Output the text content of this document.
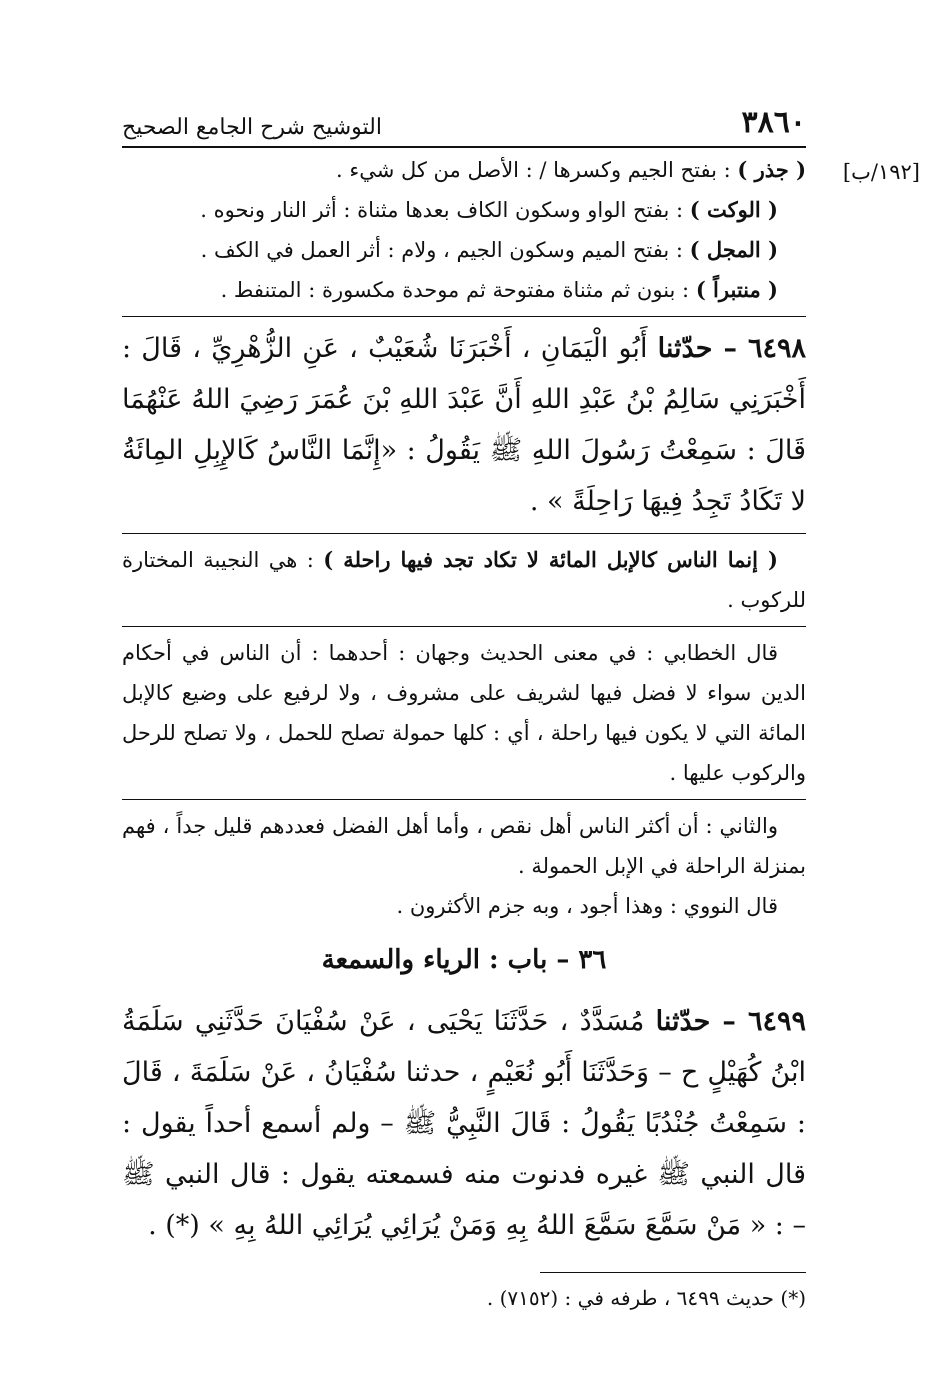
٣٨٦٠
التوشيح شرح الجامع الصحيح
[١٩٢/ب]
( جذر ) : بفتح الجيم وكسرها / : الأصل من كل شيء .
( الوكت ) : بفتح الواو وسكون الكاف بعدها مثناة : أثر النار ونحوه .
( المجل ) : بفتح الميم وسكون الجيم ، ولام : أثر العمل في الكف .
( منتبراً ) : بنون ثم مثناة مفتوحة ثم موحدة مكسورة : المتنفط .
٦٤٩٨ – حدّثنا أَبُو الْيَمَانِ ، أَخْبَرَنَا شُعَيْبٌ ، عَنِ الزُّهْرِيِّ ، قَالَ : أَخْبَرَنِي سَالِمُ بْنُ عَبْدِ اللهِ أَنَّ عَبْدَ اللهِ بْنَ عُمَرَ رَضِيَ اللهُ عَنْهُمَا قَالَ : سَمِعْتُ رَسُولَ اللهِ ﷺ يَقُولُ : «إِنَّمَا النَّاسُ كَالإِبِلِ المِائَةُ لا تَكَادُ تَجِدُ فِيهَا رَاحِلَةً » .
( إنما الناس كالإبل المائة لا تكاد تجد فيها راحلة ) : هي النجيبة المختارة للركوب .
قال الخطابي : في معنى الحديث وجهان : أحدهما : أن الناس في أحكام الدين سواء لا فضل فيها لشريف على مشروف ، ولا لرفيع على وضيع كالإبل المائة التي لا يكون فيها راحلة ، أي : كلها حمولة تصلح للحمل ، ولا تصلح للرحل والركوب عليها .
والثاني : أن أكثر الناس أهل نقص ، وأما أهل الفضل فعددهم قليل جداً ، فهم بمنزلة الراحلة في الإبل الحمولة .
قال النووي : وهذا أجود ، وبه جزم الأكثرون .
٣٦ – باب : الرياء والسمعة
٦٤٩٩ – حدّثنا مُسَدَّدٌ ، حَدَّثَنَا يَحْيَى ، عَنْ سُفْيَانَ حَدَّثَنِي سَلَمَةُ ابْنُ كُهَيْلٍ ح – وَحَدَّثَنَا أَبُو نُعَيْمٍ ، حدثنا سُفْيَانُ ، عَنْ سَلَمَةَ ، قَالَ : سَمِعْتُ جُنْدُبًا يَقُولُ : قَالَ النَّبِيُّ ﷺ – ولم أسمع أحداً يقول : قال النبي ﷺ غيره فدنوت منه فسمعته يقول : قال النبي ﷺ – : « مَنْ سَمَّعَ سَمَّعَ اللهُ بِهِ وَمَنْ يُرَائِي يُرَائِي اللهُ بِهِ » (*) .
(*) حديث ٦٤٩٩ ، طرفه في : (٧١٥٢) .
